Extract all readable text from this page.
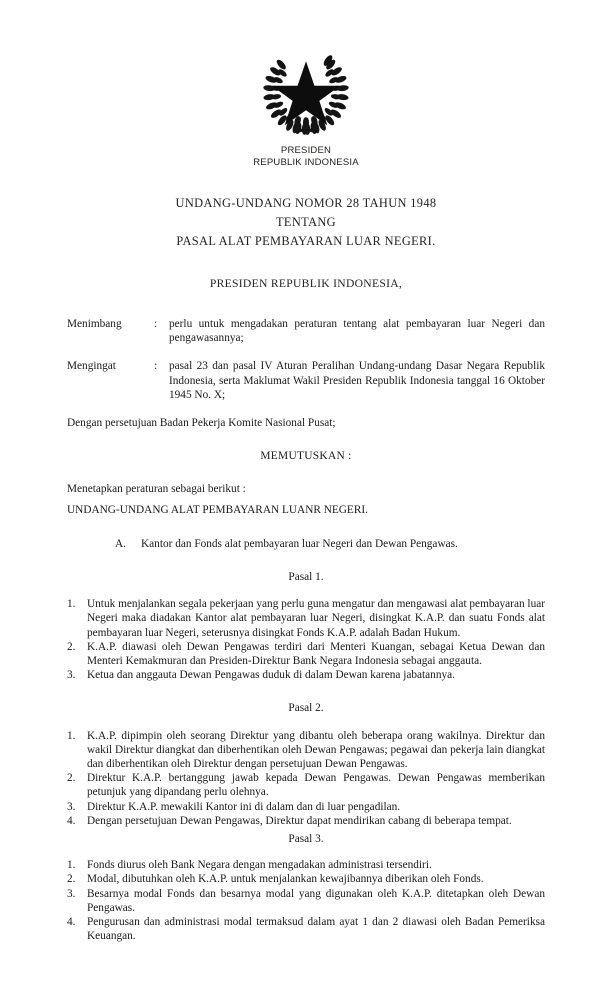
PRESIDEN
REPUBLIK INDONESIA
UNDANG-UNDANG NOMOR 28 TAHUN 1948
TENTANG
PASAL ALAT PEMBAYARAN LUAR NEGERI.
PRESIDEN REPUBLIK INDONESIA,
Menimbang	:	perlu untuk mengadakan peraturan tentang alat pembayaran luar Negeri dan pengawasannya;
Mengingat	:	pasal 23 dan pasal IV Aturan Peralihan Undang-undang Dasar Negara Republik Indonesia, serta Maklumat Wakil Presiden Republik Indonesia tanggal 16 Oktober 1945 No. X;
Dengan persetujuan Badan Pekerja Komite Nasional Pusat;
MEMUTUSKAN :
Menetapkan peraturan sebagai berikut :
UNDANG-UNDANG ALAT PEMBAYARAN LUANR NEGERI.
A.	Kantor dan Fonds alat pembayaran luar Negeri dan Dewan Pengawas.
Pasal 1.
1.	Untuk menjalankan segala pekerjaan yang perlu guna mengatur dan mengawasi alat pembayaran luar Negeri maka diadakan Kantor alat pembayaran luar Negeri, disingkat K.A.P. dan suatu Fonds alat pembayaran luar Negeri, seterusnya disingkat Fonds K.A.P. adalah Badan Hukum.
2.	K.A.P. diawasi oleh Dewan Pengawas terdiri dari Menteri Kuangan, sebagai Ketua Dewan dan Menteri Kemakmuran dan Presiden-Direktur Bank Negara Indonesia sebagai anggauta.
3.	Ketua dan anggauta Dewan Pengawas duduk di dalam Dewan karena jabatannya.
Pasal 2.
1.	K.A.P. dipimpin oleh seorang Direktur yang dibantu oleh beberapa orang wakilnya. Direktur dan wakil Direktur diangkat dan diberhentikan oleh Dewan Pengawas; pegawai dan pekerja lain diangkat dan diberhentikan oleh Direktur dengan persetujuan Dewan Pengawas.
2.	Direktur K.A.P. bertanggung jawab kepada Dewan Pengawas. Dewan Pengawas memberikan petunjuk yang dipandang perlu olehnya.
3.	Direktur K.A.P. mewakili Kantor ini di dalam dan di luar pengadilan.
4.	Dengan persetujuan Dewan Pengawas, Direktur dapat mendirikan cabang di beberapa tempat.
Pasal 3.
1.	Fonds diurus oleh Bank Negara dengan mengadakan administrasi tersendiri.
2.	Modal, dibutuhkan oleh K.A.P. untuk menjalankan kewajibannya diberikan oleh Fonds.
3.	Besarnya modal Fonds dan besarnya modal yang digunakan oleh K.A.P. ditetapkan oleh Dewan Pengawas.
4.	Pengurusan dan administrasi modal termaksud dalam ayat 1 dan 2 diawasi oleh Badan Pemeriksa Keuangan.
